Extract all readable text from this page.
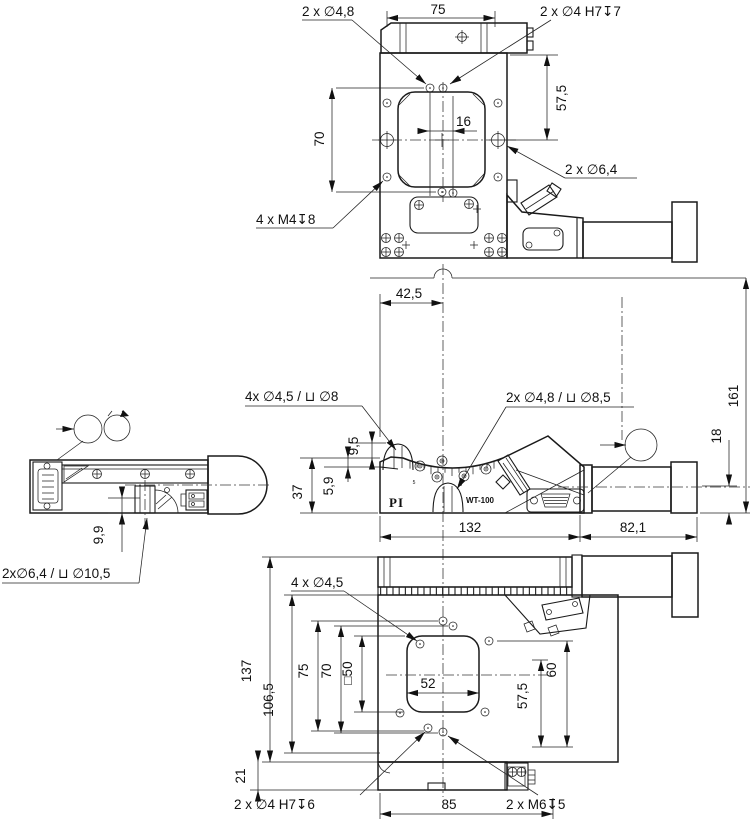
75
57,5
16
70
2 x ∅4,8	2 x ∅4 H7↧7
2 x ∅6,4
4 x M4↧8
42,5
161
18
5	-5
PI	WT-100
37 5,9
9,5
132	82,1
4x ∅4,5 / ⊔ ∅8	2x ∅4,8 / ⊔ ∅8,5
9,9
2x∅6,4 / ⊔ ∅10,5
137
106,5
75 70 □50
21
60
57,5
52
85
4 x ∅4,5
2 x ∅4 H7↧6	2 x M6↧5
